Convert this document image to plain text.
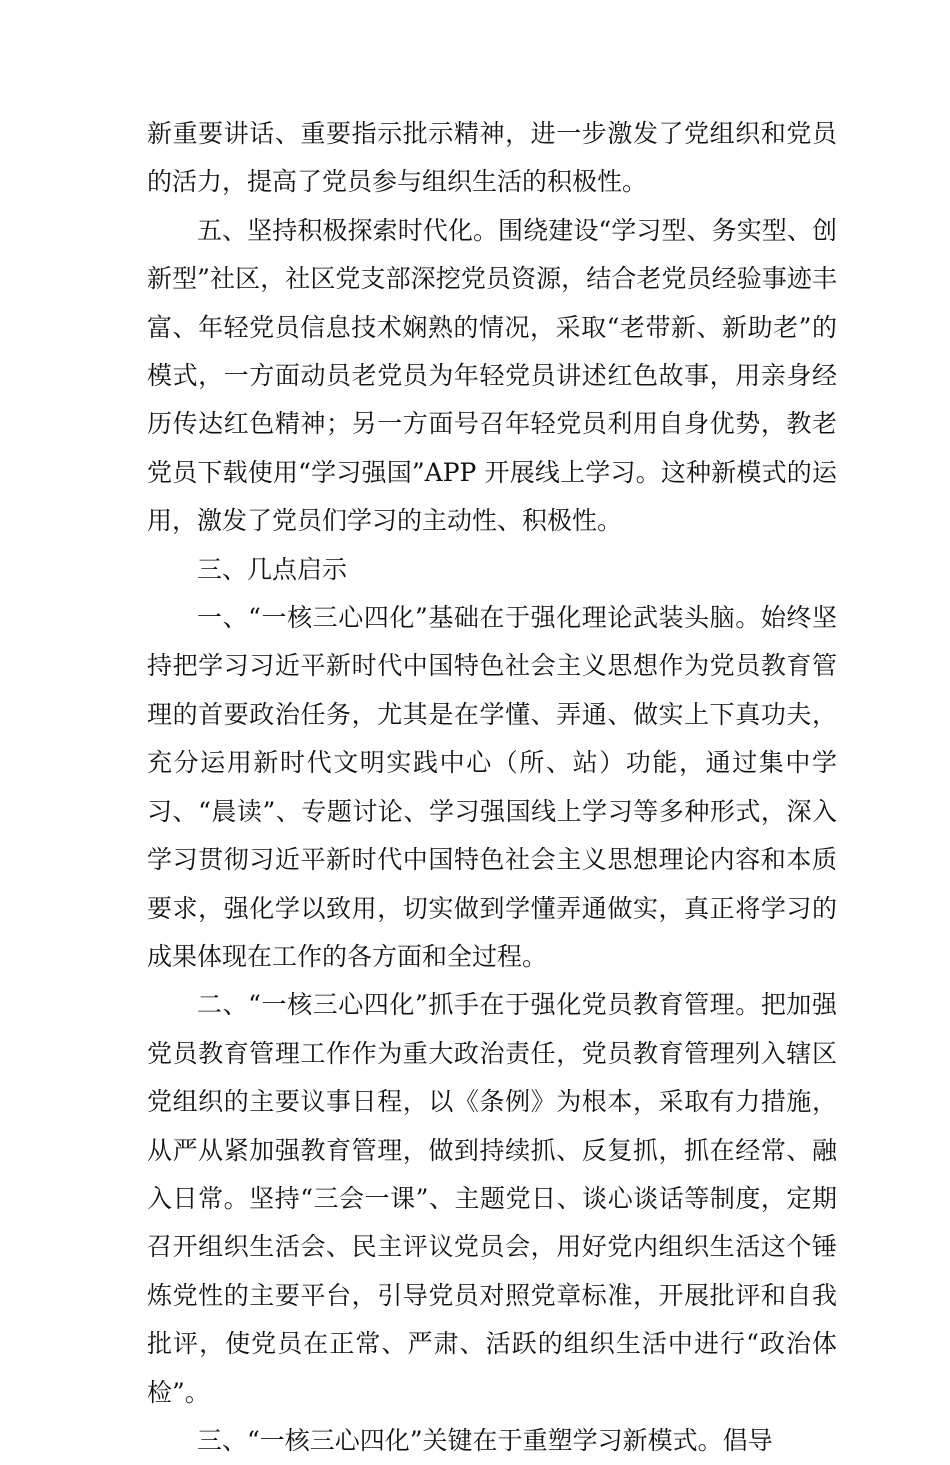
新重要讲话、重要指示批示精神，进一步激发了党组织和党员的活力，提高了党员参与组织生活的积极性。

五、坚持积极探索时代化。围绕建设“学习型、务实型、创新型”社区，社区党支部深挖党员资源，结合老党员经验事迹丰富、年轻党员信息技术娴熟的情况，采取“老带新、新助老”的模式，一方面动员老党员为年轻党员讲述红色故事，用亲身经历传达红色精神；另一方面号召年轻党员利用自身优势，教老党员下载使用“学习强国”APP 开展线上学习。这种新模式的运用，激发了党员们学习的主动性、积极性。

三、几点启示

一、“一核三心四化”基础在于强化理论武装头脑。始终坚持把学习习近平新时代中国特色社会主义思想作为党员教育管理的首要政治任务，尤其是在学懂、弄通、做实上下真功夫，充分运用新时代文明实践中心（所、站）功能，通过集中学习、“晨读”、专题讨论、学习强国线上学习等多种形式，深入学习贯彻习近平新时代中国特色社会主义思想理论内容和本质要求，强化学以致用，切实做到学懂弄通做实，真正将学习的成果体现在工作的各方面和全过程。

二、“一核三心四化”抓手在于强化党员教育管理。把加强党员教育管理工作作为重大政治责任，党员教育管理列入辖区党组织的主要议事日程，以《条例》为根本，采取有力措施，从严从紧加强教育管理，做到持续抓、反复抓，抓在经常、融入日常。坚持“三会一课”、主题党日、谈心谈话等制度，定期召开组织生活会、民主评议党员会，用好党内组织生活这个锤炼党性的主要平台，引导党员对照党章标准，开展批评和自我批评，使党员在正常、严肃、活跃的组织生活中进行“政治体检”。

三、“一核三心四化”关键在于重塑学习新模式。倡导
